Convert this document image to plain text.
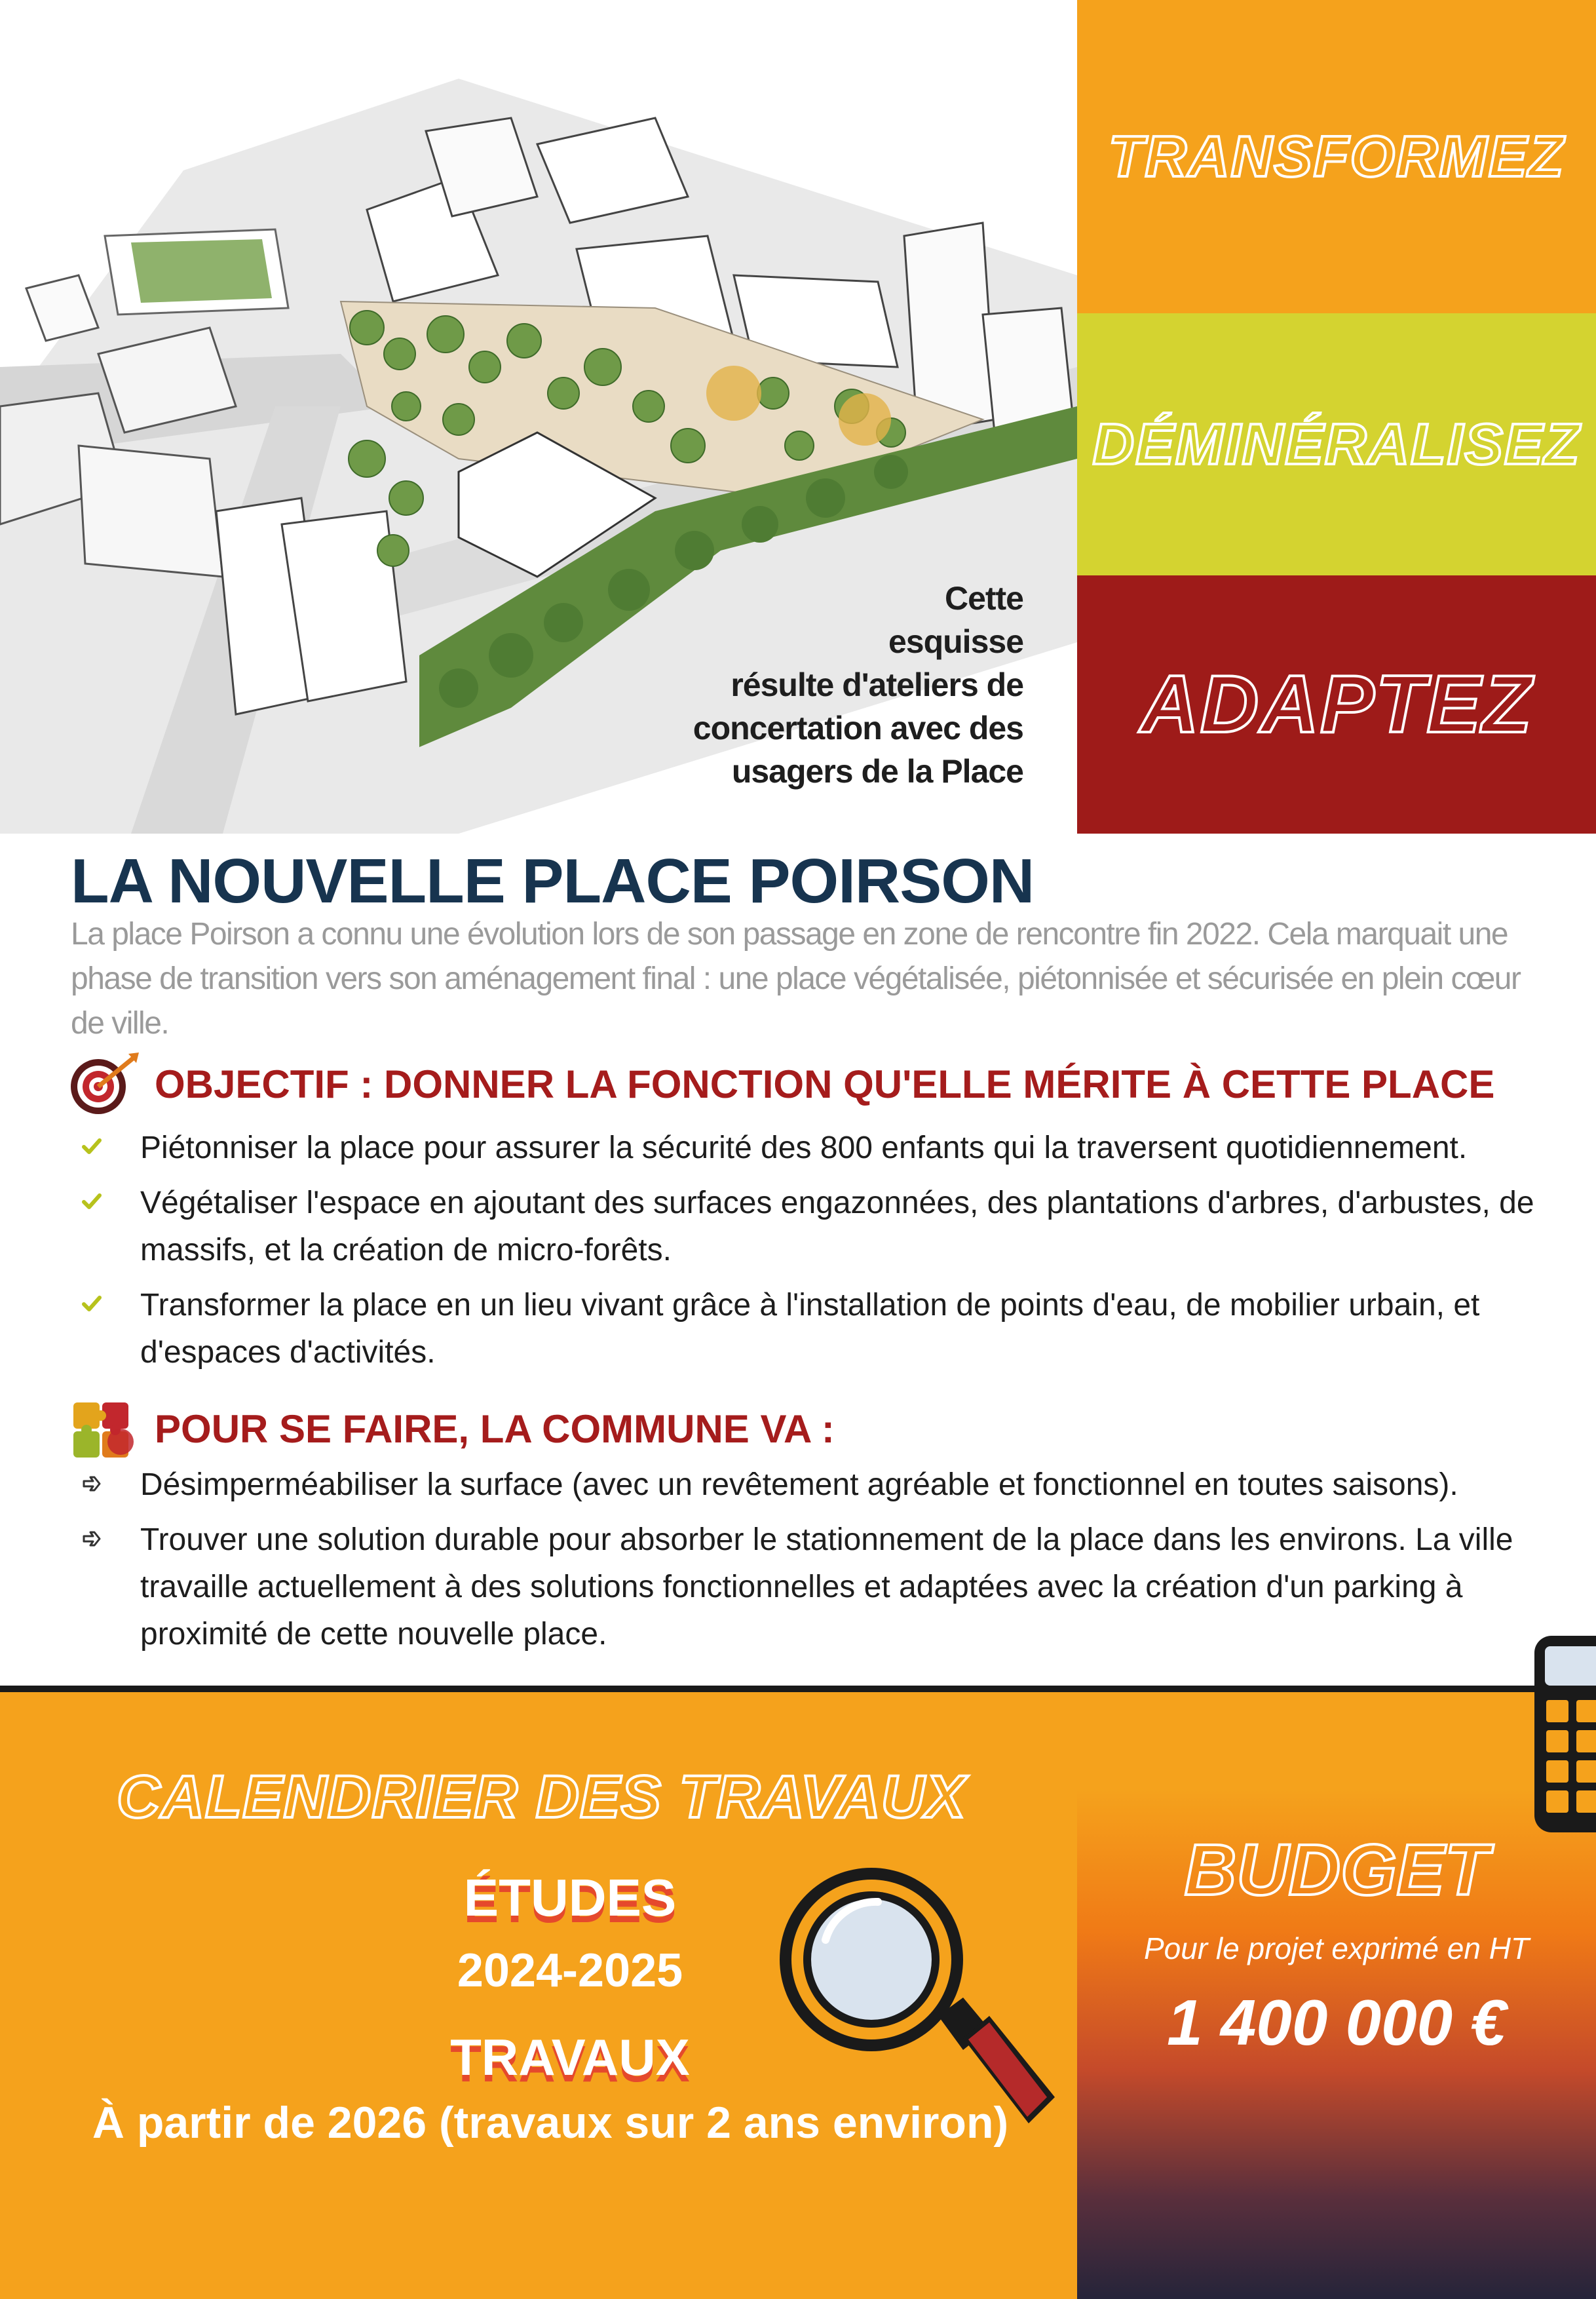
Cette
esquisse
résulte d'ateliers de
concertation avec des
usagers de la Place
TRANSFORMEZ
DÉMINÉRALISEZ
ADAPTEZ
LA NOUVELLE PLACE POIRSON

La place Poirson a connu une évolution lors de son passage en zone de rencontre fin 2022. Cela marquait une phase de transition vers son aménagement final : une place végétalisée, piétonnisée et sécurisée en plein cœur de ville.

OBJECTIF : DONNER LA FONCTION QU'ELLE MÉRITE À CETTE PLACE
Piétonniser la place pour assurer la sécurité des 800 enfants qui la traversent quotidiennement.
Végétaliser l'espace en ajoutant des surfaces engazonnées, des plantations d'arbres, d'arbustes, de massifs, et la création de micro-forêts.
Transformer la place en un lieu vivant grâce à l'installation de points d'eau, de mobilier urbain, et d'espaces d'activités.
POUR SE FAIRE, LA COMMUNE VA :
Désimperméabiliser la surface (avec un revêtement agréable et fonctionnel en toutes saisons).
Trouver une solution durable pour absorber le stationnement de la place dans les environs. La ville travaille actuellement à des solutions fonctionnelles et adaptées avec la création d'un parking à proximité de cette nouvelle place.
CALENDRIER DES TRAVAUX
ÉTUDES
2024-2025
TRAVAUX
À partir de 2026 (travaux sur 2 ans environ)
BUDGET
Pour le projet exprimé en HT
1 400 000 €
